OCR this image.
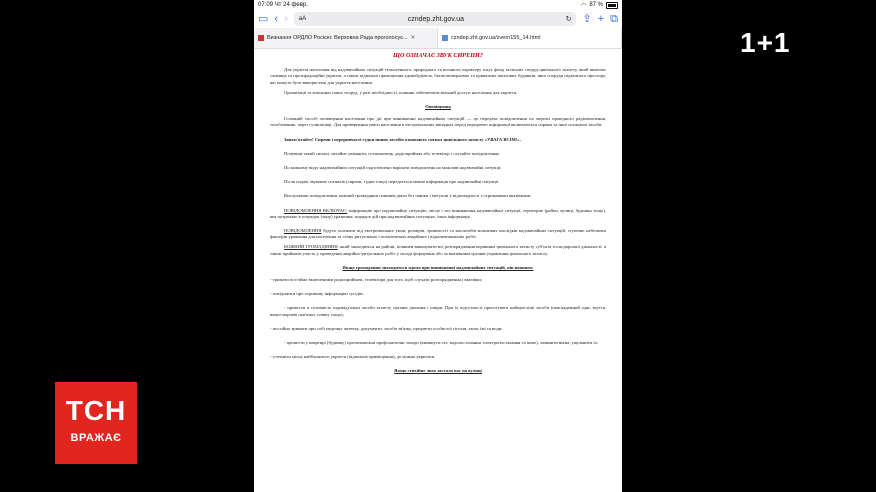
07:09 Чт 24 февр.	◠ 87 %
▭ ‹ › aA	czndep.zht.gov.ua	↻ ⇪ + ⧉
Визнання ОРДЛО Росією: Верховна Рада проголосує... ✕	czndep.zht.gov.ua/zvern155_14.html

ЩО ОЗНАЧАЄ ЗВУК СИРЕНИ?

Для укриття населення від надзвичайних ситуацій техногенного, природного та воєнного характеру існує фонд захисних споруд цивільного захисту, який включає сховища та протирадіаційні укриття, а також підвальні приміщення адмінбудівель, багатоповерхових та приватних житлових будинків, інші споруди підземного простору, які можуть бути використані для укриття населення.

Організації та власники таких споруд, у разі необхідності, повинні забезпечити вільний доступ населення для укриття.

Оповіщення

Головний спосіб оповіщення населення про дії при виникненні надзвичайних ситуацій — це передача повідомлення по мережі провідного радіомовлення, телебаченню, через гучномовці. Для привернення уваги населення в екстремальних випадках перед передачею інформації включаються сирени та інші сигнальні засоби.

Запам'ятайте! Сирени і переривчасті гудки інших засобів означають сигнал цивільного захисту «УВАГА ВСІМ!».

Почувши такий сигнал, негайно увімкніть гучномовець, радіоприймач або телевізор і слухайте повідомлення.

По кожному виду надзвичайних ситуацій підготовлено варіанти повідомлень на можливі надзвичайні ситуації.

Після подачі звукових сигналів (сирени, гудки тощо) передається мовна інформація про надзвичайні ситуації.

Вислухавши повідомлення, кожний громадянин повинен діяти без паніки і метушні у відповідності з отриманими вказівками.

ПОВІДОМЛЕННЯ ВКЛЮЧАЄ: інформацію про надзвичайну ситуацію, місце і час виникнення надзвичайної ситуації, територію (район, вулиці, будинки тощо), яка потрапляє в осередок (зону) ураження, порядок дій при надзвичайних ситуаціях, інша інформація.

ПОВІДОМЛЕННЯ будуть залежати від екстремальних умов, розмірів, тривалості та масштабів можливих наслідків надзвичайних ситуацій, ступеню небезпеки факторів ураження для населення та стану ритуальних і позаштатних аварійних і відновлювальних робіт.

КОЖНИЙ ГРОМАДЯНИН, який знаходиться на районі, повинен виконувати всі розпорядження керівника цивільного захисту суб'єкта господарської діяльності, а також приймати участь у проведенні аварійно-ритуальних робіт у складі формувань або за вказівками органів управління цивільного захисту.

Якщо громадянин знаходиться вдома при виникненні надзвичайних ситуацій, він повинен:

- тримати постійно включеними радіоприймачі, телевізори для того, щоб слухати розпорядження і вказівки;

- повідомити про отриману інформацію сусідів;

- привести в готовність індивідуальні засоби захисту органів дихання і шкіри. При їх відсутності приготувати найпростіші засоби (повсякденний одяг, взуття, ватно-марлеві пов'язки, плівку тощо);

- постійно тримати при собі медичну аптечку, документи, засоби зв'язку, предмети особистої гігієни, запас їжі та води;

- провести у квартирі (будинку) протипожежні профілактичні заходи (вимкнути газ, водопостачання, електропостачання та інше), зачинити вікна, ущільнити їх;

- уточнити місце найближчого укриття (підвальне приміщення), де можна укритися.

Якщо стихійне лихо застало вас на вулиці

1+1
ТСН
ВРАЖАЄ
